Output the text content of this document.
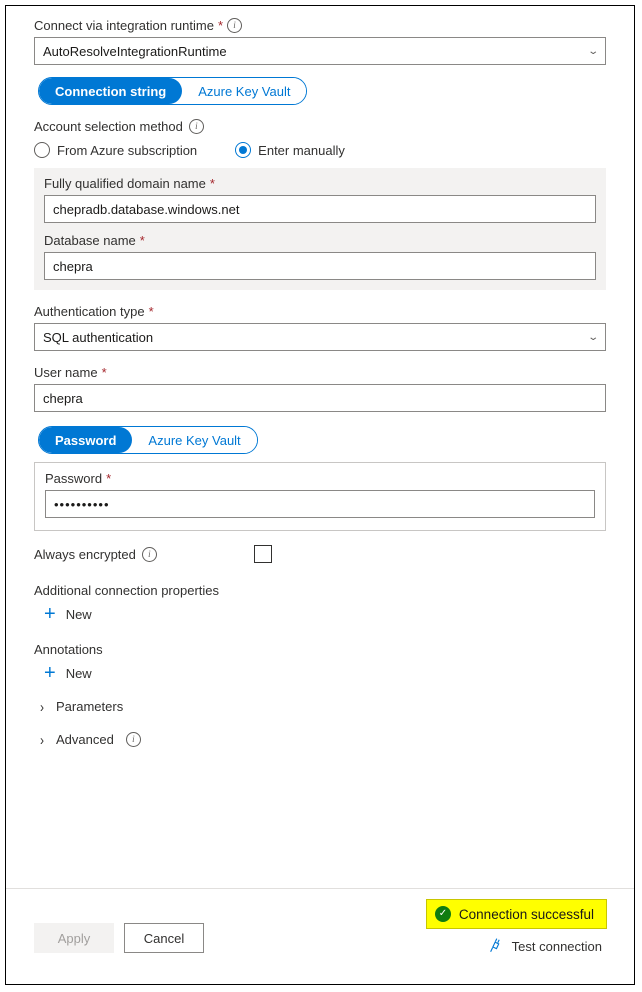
Connect via integration runtime *	i
AutoResolveIntegrationRuntime	⌄
Connection string	Azure Key Vault
Account selection method	i
From Azure subscription	Enter manually
Fully qualified domain name *
chepradb.database.windows.net
Database name *
chepra
Authentication type *
SQL authentication	⌄
User name *
chepra
Password	Azure Key Vault
Password *
••••••••••
Always encrypted	i
Additional connection properties
+ New
Annotations
+ New
› Parameters
› Advanced	i
Apply	Cancel
✓ Connection successful
Test connection
